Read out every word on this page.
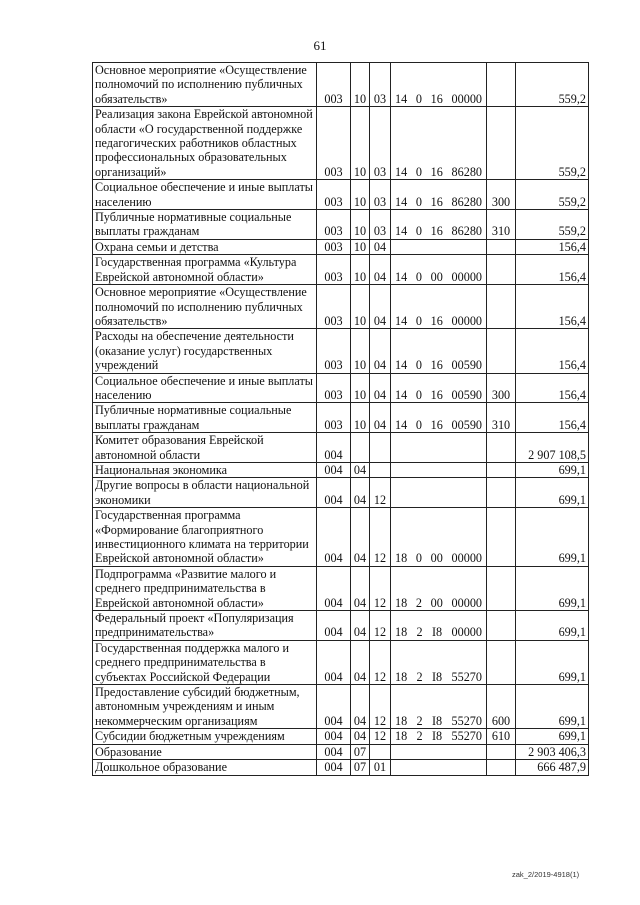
61
Основное мероприятие «Осуществление полномочий по исполнению публичных обязательств»	003	10	03	14 0 16 00000		559,2
Реализация закона Еврейской автономной области «О государственной поддержке педагогических работников областных профессиональных образовательных организаций»	003	10	03	14 0 16 86280		559,2
Социальное обеспечение и иные выплаты населению	003	10	03	14 0 16 86280	300	559,2
Публичные нормативные социальные выплаты гражданам	003	10	03	14 0 16 86280	310	559,2
Охрана семьи и детства	003	10	04			156,4
Государственная программа «Культура Еврейской автономной области»	003	10	04	14 0 00 00000		156,4
Основное мероприятие «Осуществление полномочий по исполнению публичных обязательств»	003	10	04	14 0 16 00000		156,4
Расходы на обеспечение деятельности (оказание услуг) государственных учреждений	003	10	04	14 0 16 00590		156,4
Социальное обеспечение и иные выплаты населению	003	10	04	14 0 16 00590	300	156,4
Публичные нормативные социальные выплаты гражданам	003	10	04	14 0 16 00590	310	156,4
Комитет образования Еврейской автономной области	004					2 907 108,5
Национальная экономика	004	04				699,1
Другие вопросы в области национальной экономики	004	04	12			699,1
Государственная программа «Формирование благоприятного инвестиционного климата на территории Еврейской автономной области»	004	04	12	18 0 00 00000		699,1
Подпрограмма «Развитие малого и среднего предпринимательства в Еврейской автономной области»	004	04	12	18 2 00 00000		699,1
Федеральный проект «Популяризация предпринимательства»	004	04	12	18 2 I8 00000		699,1
Государственная поддержка малого и среднего предпринимательства в субъектах Российской Федерации	004	04	12	18 2 I8 55270		699,1
Предоставление субсидий бюджетным, автономным учреждениям и иным некоммерческим организациям	004	04	12	18 2 I8 55270	600	699,1
Субсидии бюджетным учреждениям	004	04	12	18 2 I8 55270	610	699,1
Образование	004	07				2 903 406,3
Дошкольное образование	004	07	01			666 487,9
zak_2/2019-4918(1)
